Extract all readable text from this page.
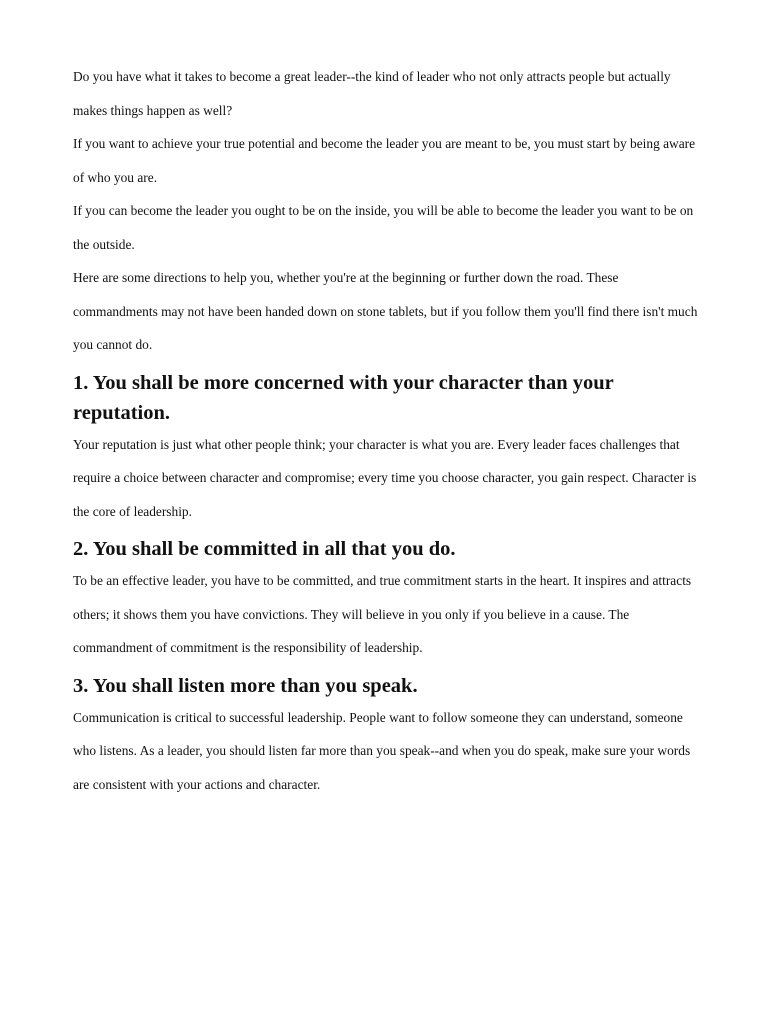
Do you have what it takes to become a great leader--the kind of leader who not only attracts people but actually makes things happen as well?

If you want to achieve your true potential and become the leader you are meant to be, you must start by being aware of who you are.

If you can become the leader you ought to be on the inside, you will be able to become the leader you want to be on the outside.

Here are some directions to help you, whether you're at the beginning or further down the road. These commandments may not have been handed down on stone tablets, but if you follow them you'll find there isn't much you cannot do.

1. You shall be more concerned with your character than your reputation.

Your reputation is just what other people think; your character is what you are. Every leader faces challenges that require a choice between character and compromise; every time you choose character, you gain respect. Character is the core of leadership.

2. You shall be committed in all that you do.

To be an effective leader, you have to be committed, and true commitment starts in the heart. It inspires and attracts others; it shows them you have convictions. They will believe in you only if you believe in a cause. The commandment of commitment is the responsibility of leadership.

3. You shall listen more than you speak.

Communication is critical to successful leadership. People want to follow someone they can understand, someone who listens. As a leader, you should listen far more than you speak--and when you do speak, make sure your words are consistent with your actions and character.
